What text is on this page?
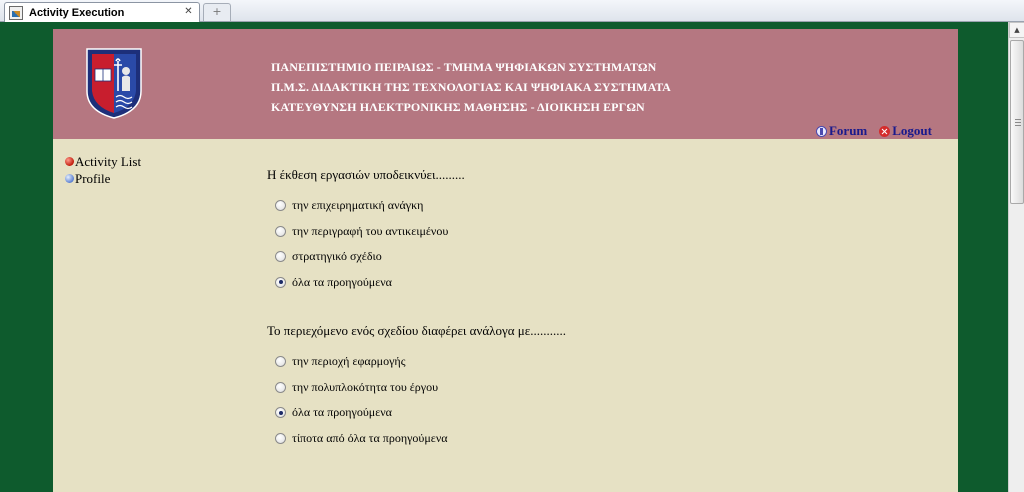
Activity Execution	✕	+
ΠΑΝΕΠΙΣΤΗΜΙΟ ΠΕΙΡΑΙΩΣ - ΤΜΗΜΑ ΨΗΦΙΑΚΩΝ ΣΥΣΤΗΜΑΤΩΝ
Π.Μ.Σ. ΔΙΔΑΚΤΙΚΗ ΤΗΣ ΤΕΧΝΟΛΟΓΙΑΣ ΚΑΙ ΨΗΦΙΑΚΑ ΣΥΣΤΗΜΑΤΑ
ΚΑΤΕΥΘΥΝΣΗ ΗΛΕΚΤΡΟΝΙΚΗΣ ΜΑΘΗΣΗΣ - ΔΙΟΙΚΗΣΗ ΕΡΓΩΝ
Forum Logout
Activity List
Profile	Η έκθεση εργασιών υποδεικνύει.........
την επιχειρηματική ανάγκη
την περιγραφή του αντικειμένου
στρατηγικό σχέδιο
όλα τα προηγούμενα
Το περιεχόμενο ενός σχεδίου διαφέρει ανάλογα με...........
την περιοχή εφαρμογής
την πολυπλοκότητα του έργου
όλα τα προηγούμενα
τίποτα από όλα τα προηγούμενα
▲
